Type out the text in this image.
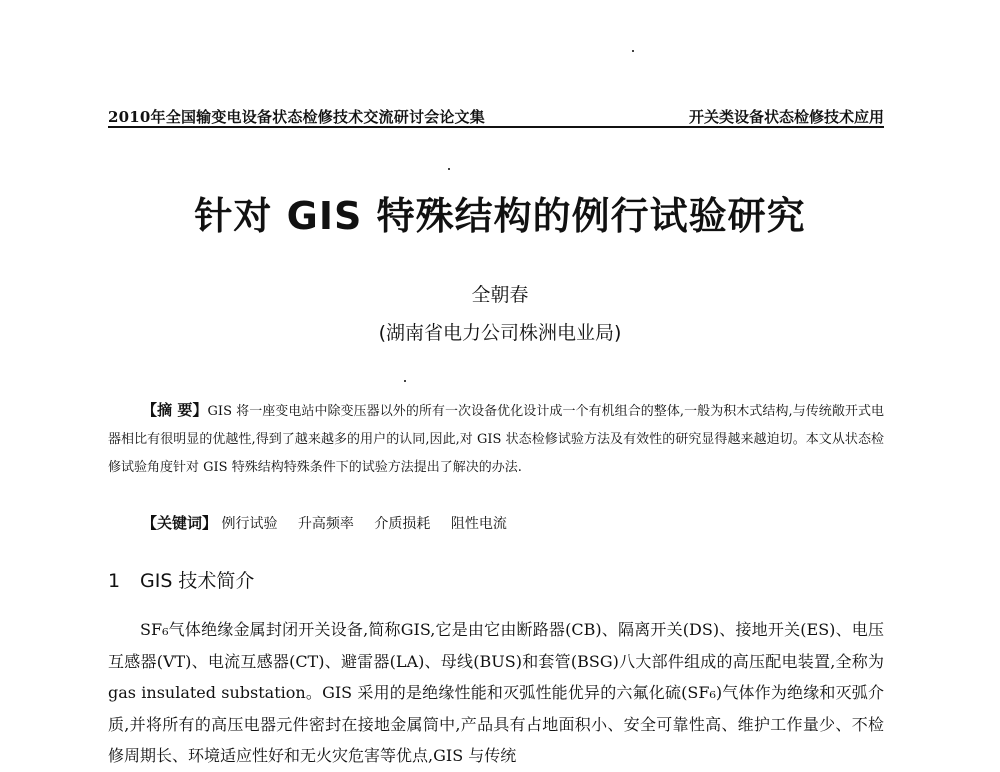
2010年全国输变电设备状态检修技术交流研讨会论文集	开关类设备状态检修技术应用
针对 GIS 特殊结构的例行试验研究
全朝春
(湖南省电力公司株洲电业局)
【摘 要】GIS 将一座变电站中除变压器以外的所有一次设备优化设计成一个有机组合的整体,一般为积木式结构,与传统敞开式电器相比有很明显的优越性,得到了越来越多的用户的认同,因此,对 GIS 状态检修试验方法及有效性的研究显得越来越迫切。本文从状态检修试验角度针对 GIS 特殊结构特殊条件下的试验方法提出了解决的办法.
【关键词】 例行试验 升高频率 介质损耗 阻性电流
1 GIS 技术简介
SF₆气体绝缘金属封闭开关设备,简称GIS,它是由它由断路器(CB)、隔离开关(DS)、接地开关(ES)、电压互感器(VT)、电流互感器(CT)、避雷器(LA)、母线(BUS)和套管(BSG)八大部件组成的高压配电装置,全称为 gas insulated substation。GIS 采用的是绝缘性能和灭弧性能优异的六氟化硫(SF₆)气体作为绝缘和灭弧介质,并将所有的高压电器元件密封在接地金属筒中,产品具有占地面积小、安全可靠性高、维护工作量少、不检修周期长、环境适应性好和无火灾危害等优点,GIS 与传统
